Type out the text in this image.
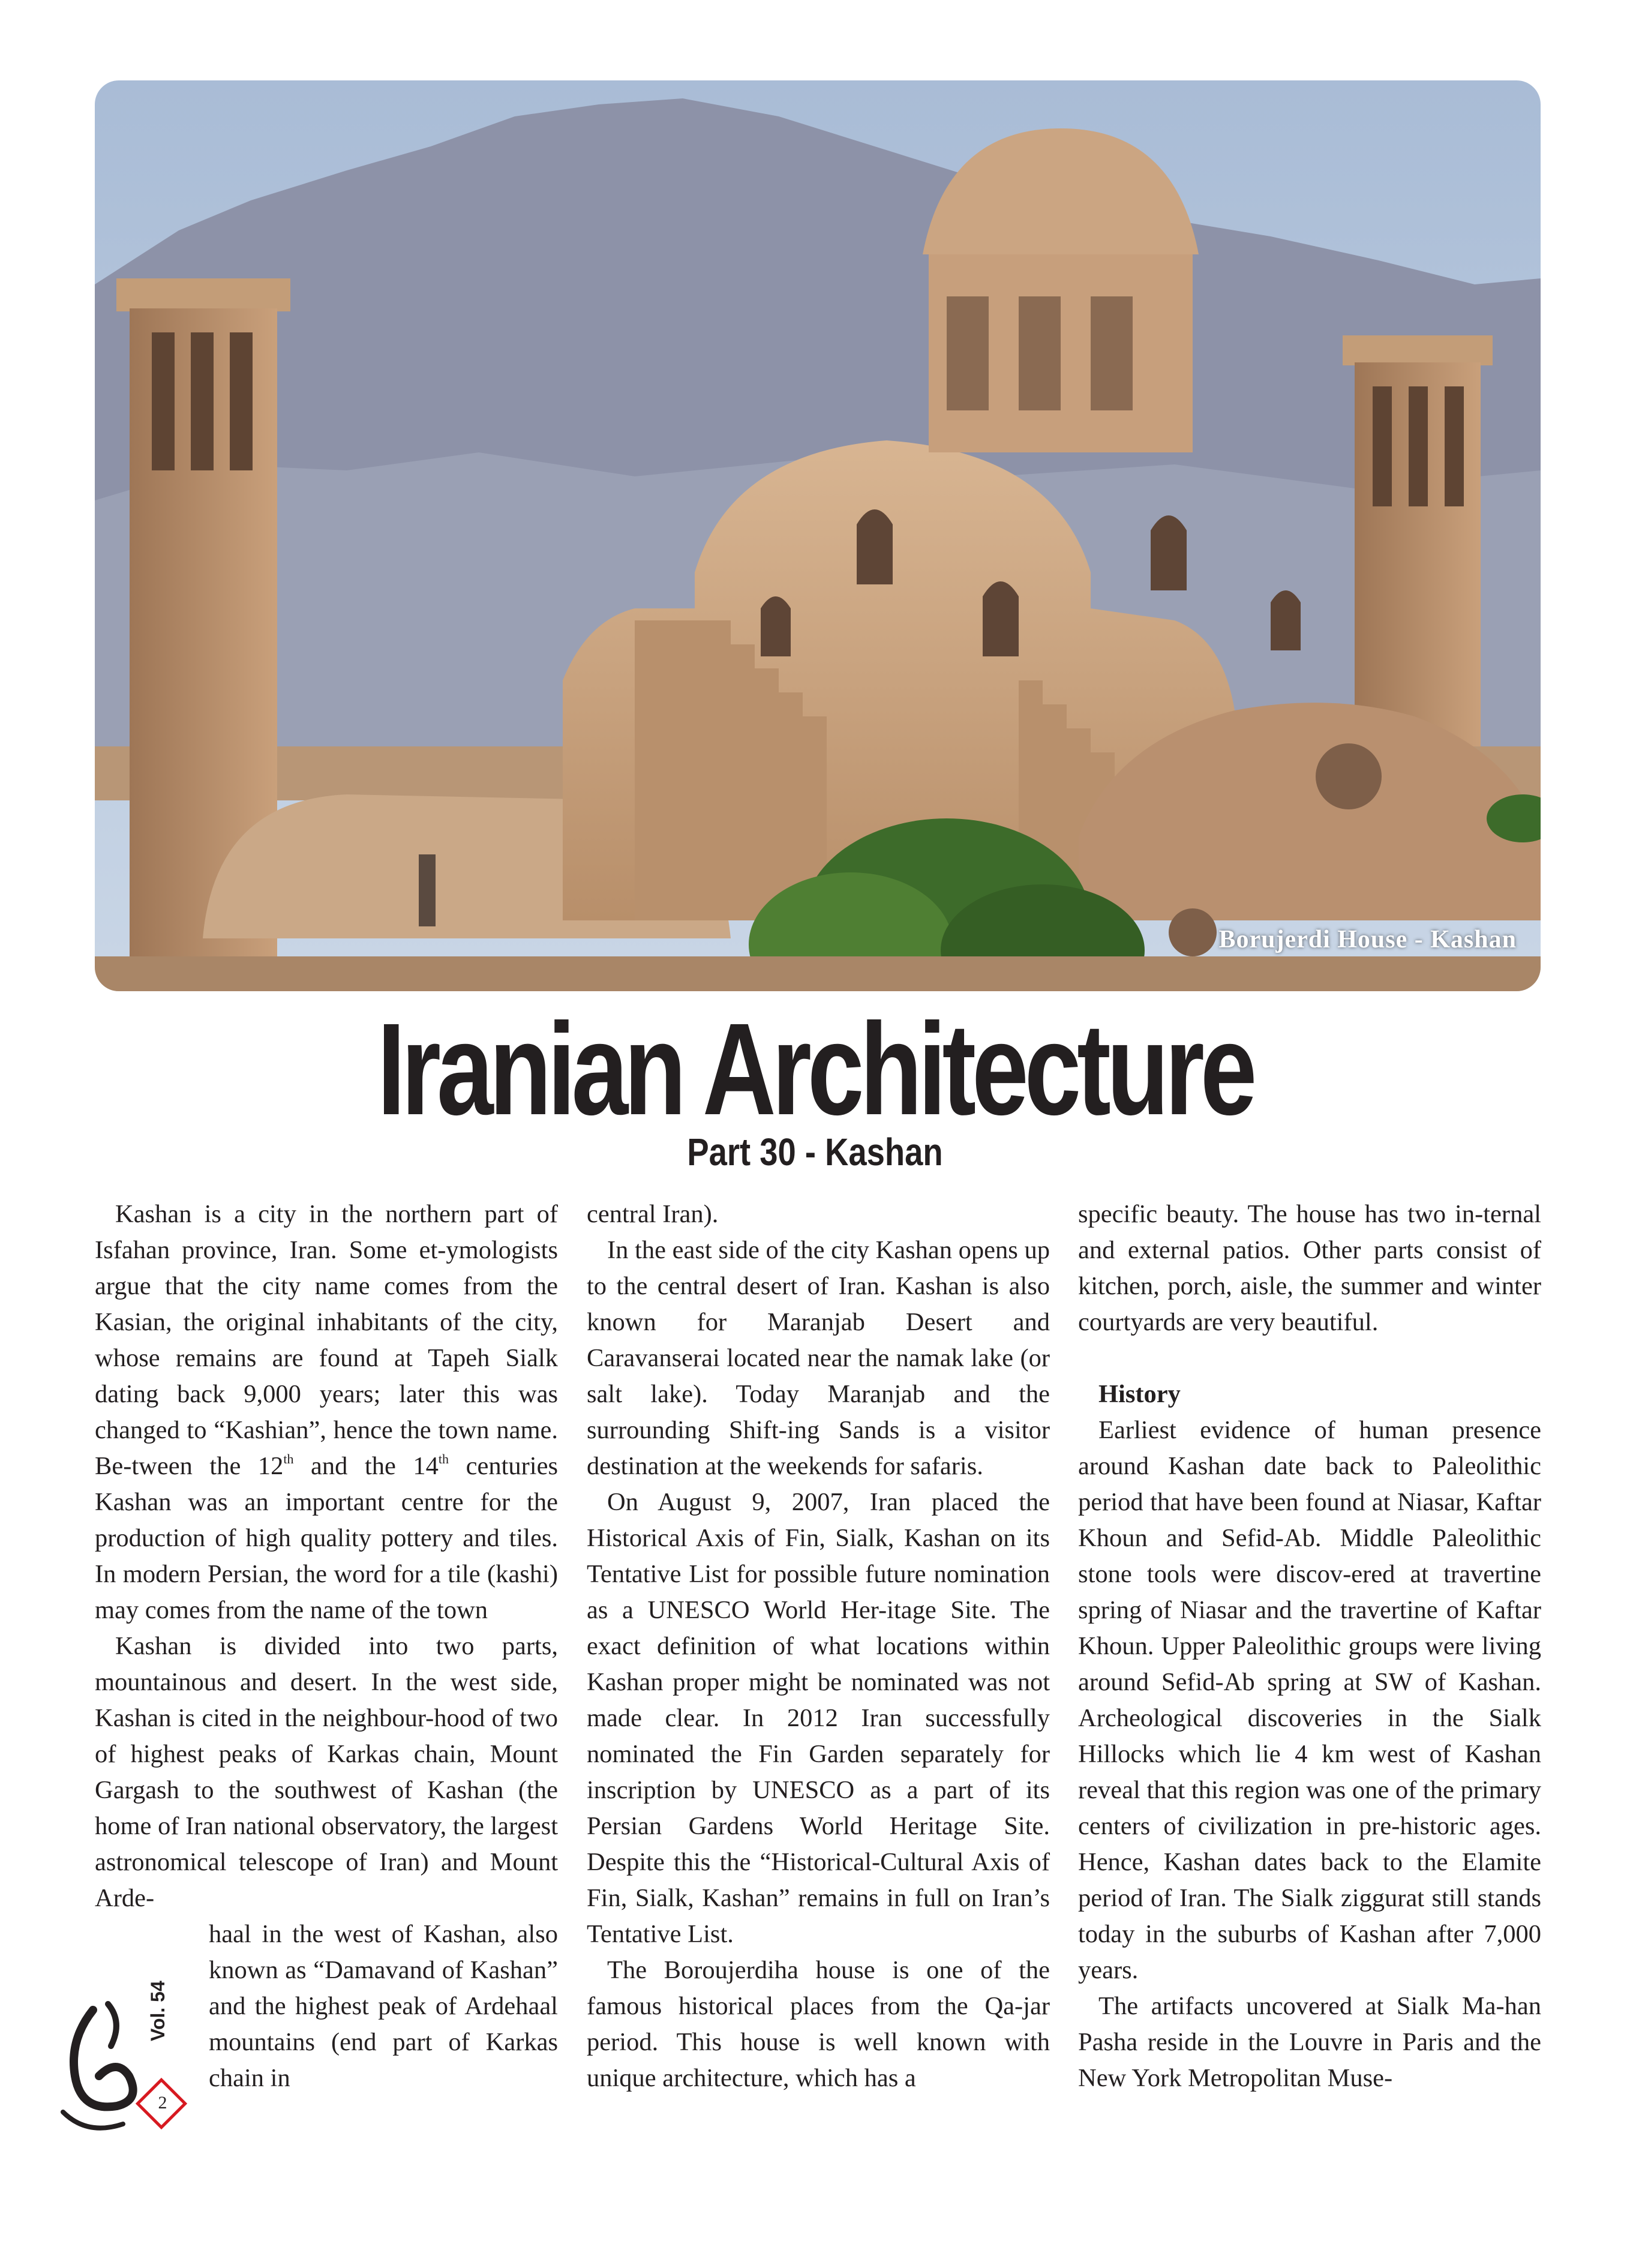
Borujerdi House - Kashan
Iranian Architecture
Part 30 - Kashan

Kashan is a city in the northern part of Isfahan province, Iran. Some et-ymologists argue that the city name comes from the Kasian, the original inhabitants of the city, whose remains are found at Tapeh Sialk dating back 9,000 years; later this was changed to “Kashian”, hence the town name. Be-tween the 12th and the 14th centuries Kashan was an important centre for the production of high quality pottery and tiles. In modern Persian, the word for a tile (kashi) may comes from the name of the town

Kashan is divided into two parts, mountainous and desert. In the west side, Kashan is cited in the neighbour-hood of two of highest peaks of Karkas chain, Mount Gargash to the southwest of Kashan (the home of Iran national observatory, the largest astronomical telescope of Iran) and Mount Arde-

haal in the west of Kashan, also known as “Damavand of Kashan” and the highest peak of Ardehaal mountains (end part of Karkas chain in
central Iran).

In the east side of the city Kashan opens up to the central desert of Iran. Kashan is also known for Maranjab Desert and Caravanserai located near the namak lake (or salt lake). Today Maranjab and the surrounding Shift-ing Sands is a visitor destination at the weekends for safaris.

On August 9, 2007, Iran placed the Historical Axis of Fin, Sialk, Kashan on its Tentative List for possible future nomination as a UNESCO World Her-itage Site. The exact definition of what locations within Kashan proper might be nominated was not made clear. In 2012 Iran successfully nominated the Fin Garden separately for inscription by UNESCO as a part of its Persian Gardens World Heritage Site. Despite this the “Historical-Cultural Axis of Fin, Sialk, Kashan” remains in full on Iran’s Tentative List.

The Boroujerdiha house is one of the famous historical places from the Qa-jar period. This house is well known with unique architecture, which has a

specific beauty. The house has two in-ternal and external patios. Other parts consist of kitchen, porch, aisle, the summer and winter courtyards are very beautiful.
History

Earliest evidence of human presence around Kashan date back to Paleolithic period that have been found at Niasar, Kaftar Khoun and Sefid-Ab. Middle Paleolithic stone tools were discov-ered at travertine spring of Niasar and the travertine of Kaftar Khoun. Upper Paleolithic groups were living around Sefid-Ab spring at SW of Kashan. Archeological discoveries in the Sialk Hillocks which lie 4 km west of Kashan reveal that this region was one of the primary centers of civilization in pre-historic ages. Hence, Kashan dates back to the Elamite period of Iran. The Sialk ziggurat still stands today in the suburbs of Kashan after 7,000 years.

The artifacts uncovered at Sialk Ma-han Pasha reside in the Louvre in Paris and the New York Metropolitan Muse-

Vol. 54
2
